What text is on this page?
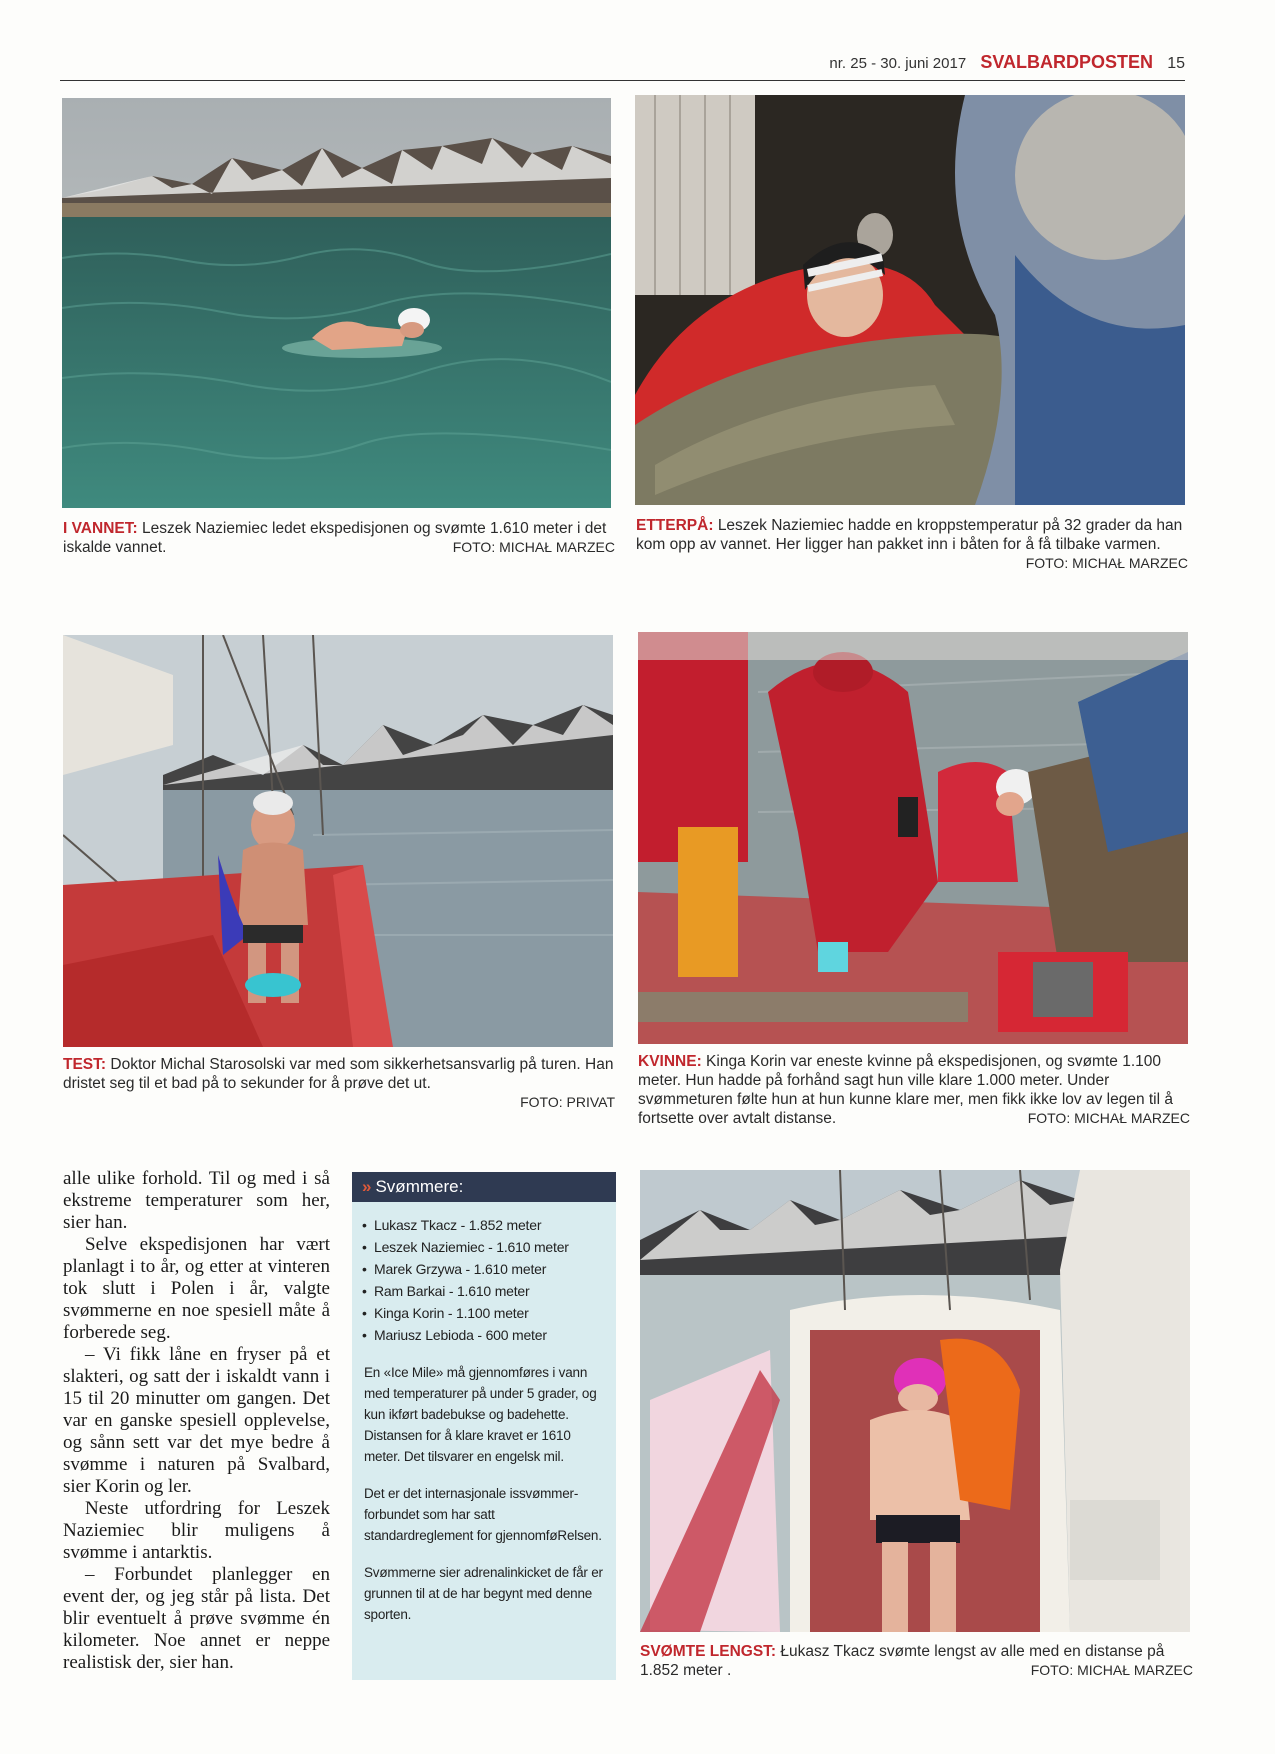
nr. 25 - 30. juni 2017 SVALBARDPOSTEN 15
I VANNET: Leszek Naziemiec ledet ekspedisjonen og svømte 1.610 meter i det iskalde vannet.	FOTO: MICHAŁ MARZEC
ETTERPÅ: Leszek Naziemiec hadde en kroppstemperatur på 32 grader da han kom opp av vannet. Her ligger han pakket inn i båten for å få tilbake varmen.
FOTO: MICHAŁ MARZEC
TEST: Doktor Michal Starosolski var med som sikkerhetsansvarlig på turen. Han dristet seg til et bad på to sekunder for å prøve det ut.
FOTO: PRIVAT
KVINNE: Kinga Korin var eneste kvinne på ekspedisjonen, og svømte 1.100 meter. Hun hadde på forhånd sagt hun ville klare 1.000 meter. Under svømmeturen følte hun at hun kunne klare mer, men fikk ikke lov av legen til å fortsette over avtalt distanse.	FOTO: MICHAŁ MARZEC

alle ulike forhold. Til og med i så ekstreme temperaturer som her, sier han.

Selve ekspedisjonen har vært planlagt i to år, og etter at vinteren tok slutt i Polen i år, valgte svømmerne en noe spesiell måte å forberede seg.

– Vi fikk låne en fryser på et slakteri, og satt der i iskaldt vann i 15 til 20 minutter om gangen. Det var en ganske spesiell opplevelse, og sånn sett var det mye bedre å svømme i naturen på Svalbard, sier Korin og ler.

Neste utfordring for Leszek Naziemiec blir muligens å svømme i antarktis.

– Forbundet planlegger en event der, og jeg står på lista. Det blir eventuelt å prøve svømme én kilometer. Noe annet er neppe realistisk der, sier han.

» Svømmere:
• Lukasz Tkacz - 1.852 meter
• Leszek Naziemiec - 1.610 meter
• Marek Grzywa - 1.610 meter
• Ram Barkai - 1.610 meter
• Kinga Korin - 1.100 meter
• Mariusz Lebioda - 600 meter

En «Ice Mile» må gjennomføres i vann med temperaturer på under 5 grader, og kun ikført badebukse og badehette. Distansen for å klare kravet er 1610 meter. Det tilsvarer en engelsk mil.

Det er det internasjonale issvømmer-forbundet som har satt standardreglement for gjennomføRelsen.

Svømmerne sier adrenalinkicket de får er grunnen til at de har begynt med denne sporten.

SVØMTE LENGST: Łukasz Tkacz svømte lengst av alle med en distanse på 1.852 meter .	FOTO: MICHAŁ MARZEC
